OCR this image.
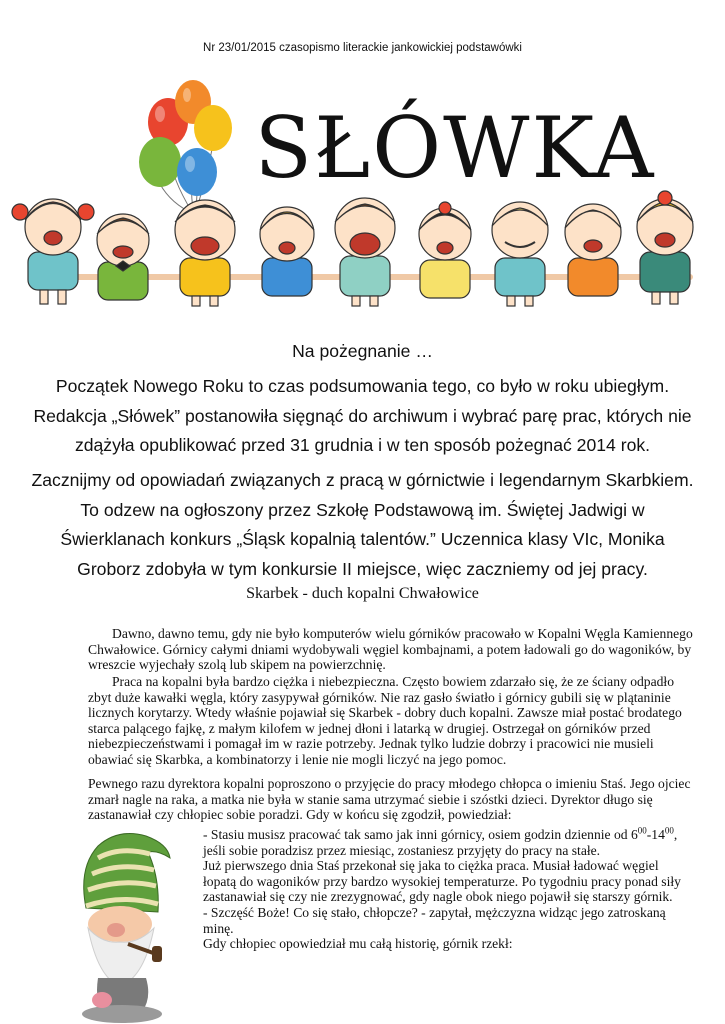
Nr 23/01/2015 czasopismo literackie jankowickiej podstawówki
SŁÓWKA
Na pożegnanie …
Początek Nowego Roku to czas podsumowania tego, co było w roku ubiegłym. Redakcja „Słówek” postanowiła sięgnąć do archiwum i wybrać parę prac, których nie zdążyła opublikować przed 31 grudnia i w ten sposób pożegnać 2014 rok.
Zacznijmy od opowiadań związanych z pracą w górnictwie i legendarnym Skarbkiem. To odzew na ogłoszony przez Szkołę Podstawową im. Świętej Jadwigi w Świerklanach konkurs „Śląsk kopalnią talentów.” Uczennica klasy VIc, Monika Groborz zdobyła w tym konkursie II miejsce, więc zaczniemy od jej pracy.
Skarbek - duch kopalni Chwałowice
Dawno, dawno temu, gdy nie było komputerów wielu górników pracowało w Kopalni Węgla Kamiennego Chwałowice. Górnicy całymi dniami wydobywali węgiel kombajnami, a potem ładowali go do wagoników, by wreszcie wyjechały szolą lub skipem na powierzchnię.
Praca na kopalni była bardzo ciężka i niebezpieczna. Często bowiem zdarzało się, że ze ściany odpadło zbyt duże kawałki węgla, który zasypywał górników. Nie raz gasło światło i górnicy gubili się w plątaninie licznych korytarzy. Wtedy właśnie pojawiał się Skarbek - dobry duch kopalni. Zawsze miał postać brodatego starca palącego fajkę, z małym kilofem w jednej dłoni i latarką w drugiej. Ostrzegał on górników przed niebezpieczeństwami i pomagał im w razie potrzeby. Jednak tylko ludzie dobrzy i pracowici nie musieli obawiać się Skarbka, a kombinatorzy i lenie nie mogli liczyć na jego pomoc.
Pewnego razu dyrektora kopalni poproszono o przyjęcie do pracy młodego chłopca o imieniu Staś. Jego ojciec zmarł nagle na raka, a matka nie była w stanie sama utrzymać siebie i szóstki dzieci. Dyrektor długo się zastanawiał czy chłopiec sobie poradzi. Gdy w końcu się zgodził, powiedział:

- Stasiu musisz pracować tak samo jak inni górnicy, osiem godzin dziennie od $6^{00}-14^{00}$, jeśli sobie poradzisz przez miesiąc, zostaniesz przyjęty do pracy na stałe.

Już pierwszego dnia Staś przekonał się jaka to ciężka praca. Musiał ładować węgiel łopatą do wagoników przy bardzo wysokiej temperaturze. Po tygodniu pracy ponad siły zastanawiał się czy nie zrezygnować, gdy nagle obok niego pojawił się starszy górnik.

- Szczęść Boże! Co się stało, chłopcze? - zapytał, mężczyzna widząc jego zatroskaną minę.

Gdy chłopiec opowiedział mu całą historię, górnik rzekł:
